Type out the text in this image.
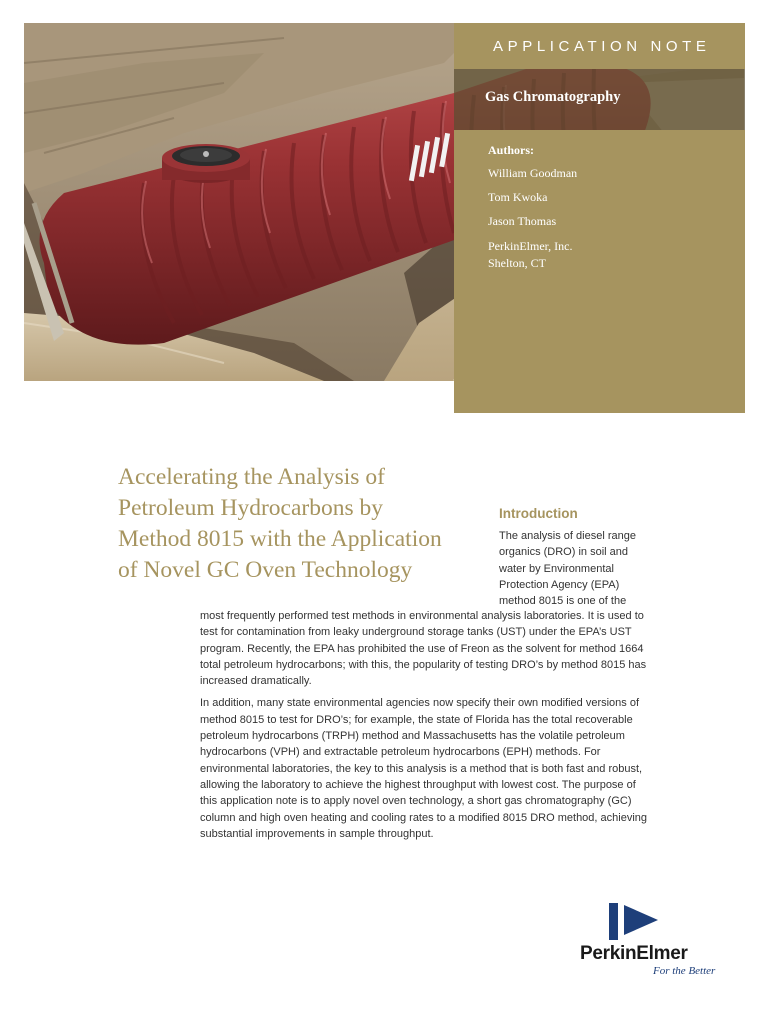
APPLICATION NOTE
Gas Chromatography
Authors:
William Goodman
Tom Kwoka
Jason Thomas
PerkinElmer, Inc.
Shelton, CT
Accelerating the Analysis of
Petroleum Hydrocarbons by
Method 8015 with the Application
of Novel GC Oven Technology
Introduction
The analysis of diesel range
organics (DRO) in soil and
water by Environmental
Protection Agency (EPA)
method 8015 is one of the

most frequently performed test methods in environmental analysis laboratories. It is used to test for contamination from leaky underground storage tanks (UST) under the EPA’s UST program. Recently, the EPA has prohibited the use of Freon as the solvent for method 1664 total petroleum hydrocarbons; with this, the popularity of testing DRO’s by method 8015 has increased dramatically.

In addition, many state environmental agencies now specify their own modified versions of method 8015 to test for DRO’s; for example, the state of Florida has the total recoverable petroleum hydrocarbons (TRPH) method and Massachusetts has the volatile petroleum hydrocarbons (VPH) and extractable petroleum hydrocarbons (EPH) methods. For environmental laboratories, the key to this analysis is a method that is both fast and robust, allowing the laboratory to achieve the highest throughput with lowest cost. The purpose of this application note is to apply novel oven technology, a short gas chromatography (GC) column and high oven heating and cooling rates to a modified 8015 DRO method, achieving substantial improvements in sample throughput.

PerkinElmer
For the Better
